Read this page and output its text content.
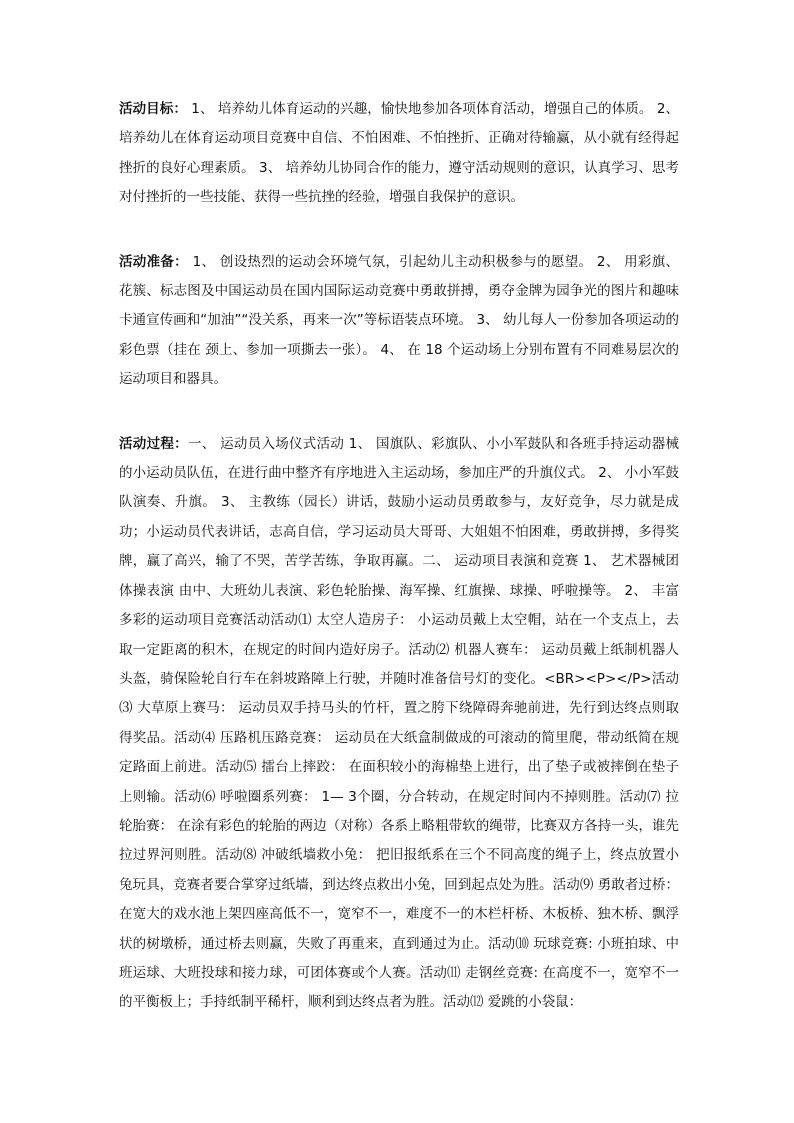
活动目标： 1、 培养幼儿体育运动的兴趣，愉快地参加各项体育活动，增强自己的体质。 2、 培养幼儿在体育运动项目竞赛中自信、不怕困难、不怕挫折、正确对待输赢，从小就有经得起挫折的良好心理素质。 3、 培养幼儿协同合作的能力，遵守活动规则的意识，认真学习、思考对付挫折的一些技能、获得一些抗挫的经验，增强自我保护的意识。

活动准备： 1、 创设热烈的运动会环境气氛，引起幼儿主动积极参与的愿望。 2、 用彩旗、花簇、标志图及中国运动员在国内国际运动竞赛中勇敢拼搏，勇夺金牌为园争光的图片和趣味卡通宣传画和“加油”“没关系，再来一次”等标语装点环境。 3、 幼儿每人一份参加各项运动的彩色票（挂在 颈上、参加一项撕去一张）。 4、 在 18 个运动场上分别布置有不同难易层次的运动项目和器具。

活动过程：一、 运动员入场仪式活动 1、 国旗队、彩旗队、小小军鼓队和各班手持运动器械的小运动员队伍，在进行曲中整齐有序地进入主运动场，参加庄严的升旗仪式。 2、 小小军鼓队演奏、升旗。 3、 主教练（园长）讲话，鼓励小运动员勇敢参与，友好竞争，尽力就是成功；小运动员代表讲话，志高自信，学习运动员大哥哥、大姐姐不怕困难，勇敢拼搏，多得奖牌，赢了高兴，输了不哭，苦学苦练，争取再赢。二、 运动项目表演和竞赛 1、 艺术器械团体操表演 由中、大班幼儿表演、彩色轮胎操、海军操、红旗操、球操、呼啦操等。 2、 丰富多彩的运动项目竞赛活动活动⑴ 太空人造房子： 小运动员戴上太空帽，站在一个支点上，去取一定距离的积木，在规定的时间内造好房子。活动⑵ 机器人赛车： 运动员戴上纸制机器人头盔，骑保险轮自行车在斜坡路障上行驶，并随时准备信号灯的变化。<BR><P></P>活动⑶ 大草原上赛马： 运动员双手持马头的竹杆，置之胯下绕障碍奔驰前进，先行到达终点则取得奖品。活动⑷ 压路机压路竞赛： 运动员在大纸盒制做成的可滚动的简里爬，带动纸简在规定路面上前进。活动⑸ 擂台上摔跤： 在面积较小的海棉垫上进行，出了垫子或被摔倒在垫子上则输。活动⑹ 呼啦圈系列赛： 1— 3个圈，分合转动，在规定时间内不掉则胜。活动⑺ 拉轮胎赛： 在涂有彩色的轮胎的两边（对称）各系上略粗带软的绳带，比赛双方各持一头，谁先拉过界河则胜。活动⑻ 冲破纸墙救小兔： 把旧报纸系在三个不同高度的绳子上，终点放置小兔玩具，竞赛者要合掌穿过纸墙，到达终点救出小兔，回到起点处为胜。活动⑼ 勇敢者过桥： 在宽大的戏水池上架四座高低不一，宽窄不一，难度不一的木栏杆桥、木板桥、独木桥、飘浮状的树墩桥，通过桥去则赢，失败了再重来，直到通过为止。活动⑽ 玩球竞赛: 小班拍球、中班运球、大班投球和接力球，可团体赛或个人赛。活动⑾ 走钢丝竞赛: 在高度不一，宽窄不一的平衡板上；手持纸制平稀杆，顺利到达终点者为胜。活动⑿ 爱跳的小袋鼠：
